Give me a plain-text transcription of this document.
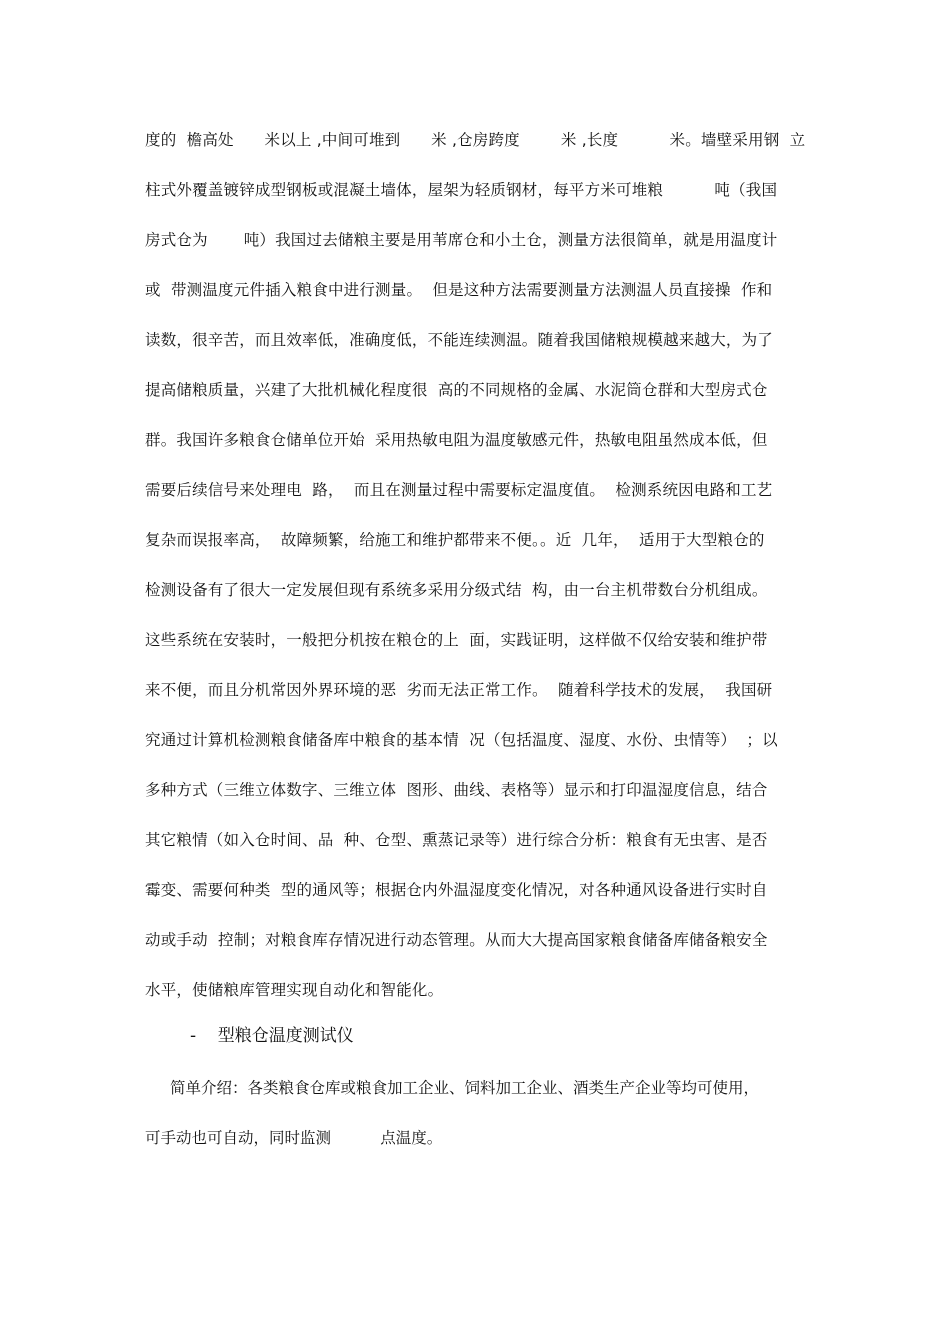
度的  檐高处      米以上 ,中间可堆到      米 ,仓房跨度        米 ,长度          米。墙壁采用钢  立
柱式外覆盖镀锌成型钢板或混凝土墙体，屋架为轻质钢材，每平方米可堆粮          吨（我国
房式仓为       吨）我国过去储粮主要是用苇席仓和小土仓，测量方法很简单，就是用温度计
或  带测温度元件插入粮食中进行测量。  但是这种方法需要测量方法测温人员直接操  作和
读数，很辛苦，而且效率低，准确度低，不能连续测温。随着我国储粮规模越来越大，为了
提高储粮质量，兴建了大批机械化程度很  高的不同规格的金属、水泥筒仓群和大型房式仓
群。我国许多粮食仓储单位开始  采用热敏电阻为温度敏感元件，热敏电阻虽然成本低，但
需要后续信号来处理电  路，  而且在测量过程中需要标定温度值。  检测系统因电路和工艺
复杂而误报率高，  故障频繁，给施工和维护都带来不便。。近  几年，  适用于大型粮仓的
检测设备有了很大一定发展但现有系统多采用分级式结  构，由一台主机带数台分机组成。
这些系统在安装时，一般把分机按在粮仓的上  面，实践证明，这样做不仅给安装和维护带
来不便，而且分机常因外界环境的恶  劣而无法正常工作。  随着科学技术的发展，  我国研
究通过计算机检测粮食储备库中粮食的基本情  况（包括温度、湿度、水份、虫情等）  ；以
多种方式（三维立体数字、三维立体  图形、曲线、表格等）显示和打印温湿度信息，结合
其它粮情（如入仓时间、品  种、仓型、熏蒸记录等）进行综合分析：粮食有无虫害、是否
霉变、需要何种类  型的通风等；根据仓内外温湿度变化情况，对各种通风设备进行实时自
动或手动  控制；对粮食库存情况进行动态管理。从而大大提高国家粮食储备库储备粮安全
水平，使储粮库管理实现自动化和智能化。
-    型粮仓温度测试仪
简单介绍：各类粮食仓库或粮食加工企业、饲料加工企业、酒类生产企业等均可使用，
可手动也可自动，同时监测          点温度。
